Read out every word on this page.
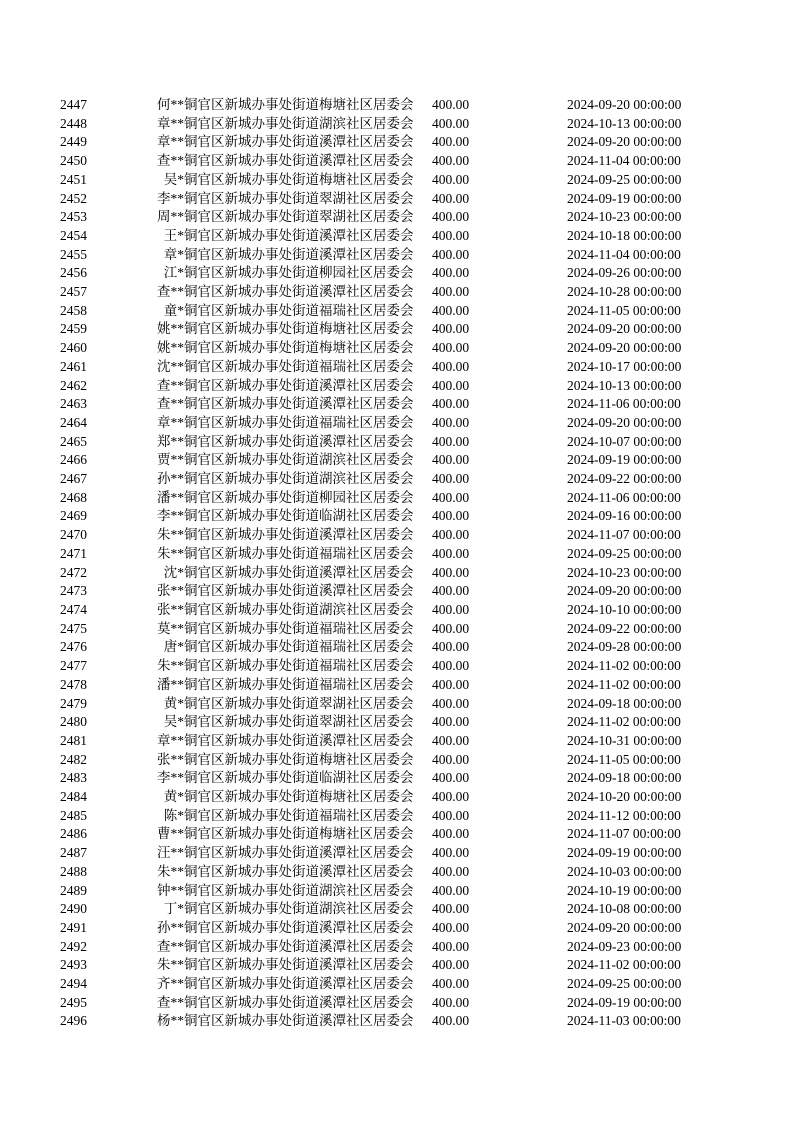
2447	何**	铜官区新城办事处街道梅塘社区居委会	400.00	2024-09-20 00:00:00
2448	章**	铜官区新城办事处街道湖滨社区居委会	400.00	2024-10-13 00:00:00
2449	章**	铜官区新城办事处街道溪潭社区居委会	400.00	2024-09-20 00:00:00
2450	查**	铜官区新城办事处街道溪潭社区居委会	400.00	2024-11-04 00:00:00
2451	吴*	铜官区新城办事处街道梅塘社区居委会	400.00	2024-09-25 00:00:00
2452	李**	铜官区新城办事处街道翠湖社区居委会	400.00	2024-09-19 00:00:00
2453	周**	铜官区新城办事处街道翠湖社区居委会	400.00	2024-10-23 00:00:00
2454	王*	铜官区新城办事处街道溪潭社区居委会	400.00	2024-10-18 00:00:00
2455	章*	铜官区新城办事处街道溪潭社区居委会	400.00	2024-11-04 00:00:00
2456	江*	铜官区新城办事处街道柳园社区居委会	400.00	2024-09-26 00:00:00
2457	查**	铜官区新城办事处街道溪潭社区居委会	400.00	2024-10-28 00:00:00
2458	童*	铜官区新城办事处街道福瑞社区居委会	400.00	2024-11-05 00:00:00
2459	姚**	铜官区新城办事处街道梅塘社区居委会	400.00	2024-09-20 00:00:00
2460	姚**	铜官区新城办事处街道梅塘社区居委会	400.00	2024-09-20 00:00:00
2461	沈**	铜官区新城办事处街道福瑞社区居委会	400.00	2024-10-17 00:00:00
2462	查**	铜官区新城办事处街道溪潭社区居委会	400.00	2024-10-13 00:00:00
2463	查**	铜官区新城办事处街道溪潭社区居委会	400.00	2024-11-06 00:00:00
2464	章**	铜官区新城办事处街道福瑞社区居委会	400.00	2024-09-20 00:00:00
2465	郑**	铜官区新城办事处街道溪潭社区居委会	400.00	2024-10-07 00:00:00
2466	贾**	铜官区新城办事处街道湖滨社区居委会	400.00	2024-09-19 00:00:00
2467	孙**	铜官区新城办事处街道湖滨社区居委会	400.00	2024-09-22 00:00:00
2468	潘**	铜官区新城办事处街道柳园社区居委会	400.00	2024-11-06 00:00:00
2469	李**	铜官区新城办事处街道临湖社区居委会	400.00	2024-09-16 00:00:00
2470	朱**	铜官区新城办事处街道溪潭社区居委会	400.00	2024-11-07 00:00:00
2471	朱**	铜官区新城办事处街道福瑞社区居委会	400.00	2024-09-25 00:00:00
2472	沈*	铜官区新城办事处街道溪潭社区居委会	400.00	2024-10-23 00:00:00
2473	张**	铜官区新城办事处街道溪潭社区居委会	400.00	2024-09-20 00:00:00
2474	张**	铜官区新城办事处街道湖滨社区居委会	400.00	2024-10-10 00:00:00
2475	莫**	铜官区新城办事处街道福瑞社区居委会	400.00	2024-09-22 00:00:00
2476	唐*	铜官区新城办事处街道福瑞社区居委会	400.00	2024-09-28 00:00:00
2477	朱**	铜官区新城办事处街道福瑞社区居委会	400.00	2024-11-02 00:00:00
2478	潘**	铜官区新城办事处街道福瑞社区居委会	400.00	2024-11-02 00:00:00
2479	黄*	铜官区新城办事处街道翠湖社区居委会	400.00	2024-09-18 00:00:00
2480	吴*	铜官区新城办事处街道翠湖社区居委会	400.00	2024-11-02 00:00:00
2481	章**	铜官区新城办事处街道溪潭社区居委会	400.00	2024-10-31 00:00:00
2482	张**	铜官区新城办事处街道梅塘社区居委会	400.00	2024-11-05 00:00:00
2483	李**	铜官区新城办事处街道临湖社区居委会	400.00	2024-09-18 00:00:00
2484	黄*	铜官区新城办事处街道梅塘社区居委会	400.00	2024-10-20 00:00:00
2485	陈*	铜官区新城办事处街道福瑞社区居委会	400.00	2024-11-12 00:00:00
2486	曹**	铜官区新城办事处街道梅塘社区居委会	400.00	2024-11-07 00:00:00
2487	汪**	铜官区新城办事处街道溪潭社区居委会	400.00	2024-09-19 00:00:00
2488	朱**	铜官区新城办事处街道溪潭社区居委会	400.00	2024-10-03 00:00:00
2489	钟**	铜官区新城办事处街道湖滨社区居委会	400.00	2024-10-19 00:00:00
2490	丁*	铜官区新城办事处街道湖滨社区居委会	400.00	2024-10-08 00:00:00
2491	孙**	铜官区新城办事处街道溪潭社区居委会	400.00	2024-09-20 00:00:00
2492	查**	铜官区新城办事处街道溪潭社区居委会	400.00	2024-09-23 00:00:00
2493	朱**	铜官区新城办事处街道溪潭社区居委会	400.00	2024-11-02 00:00:00
2494	齐**	铜官区新城办事处街道溪潭社区居委会	400.00	2024-09-25 00:00:00
2495	查**	铜官区新城办事处街道溪潭社区居委会	400.00	2024-09-19 00:00:00
2496	杨**	铜官区新城办事处街道溪潭社区居委会	400.00	2024-11-03 00:00:00
